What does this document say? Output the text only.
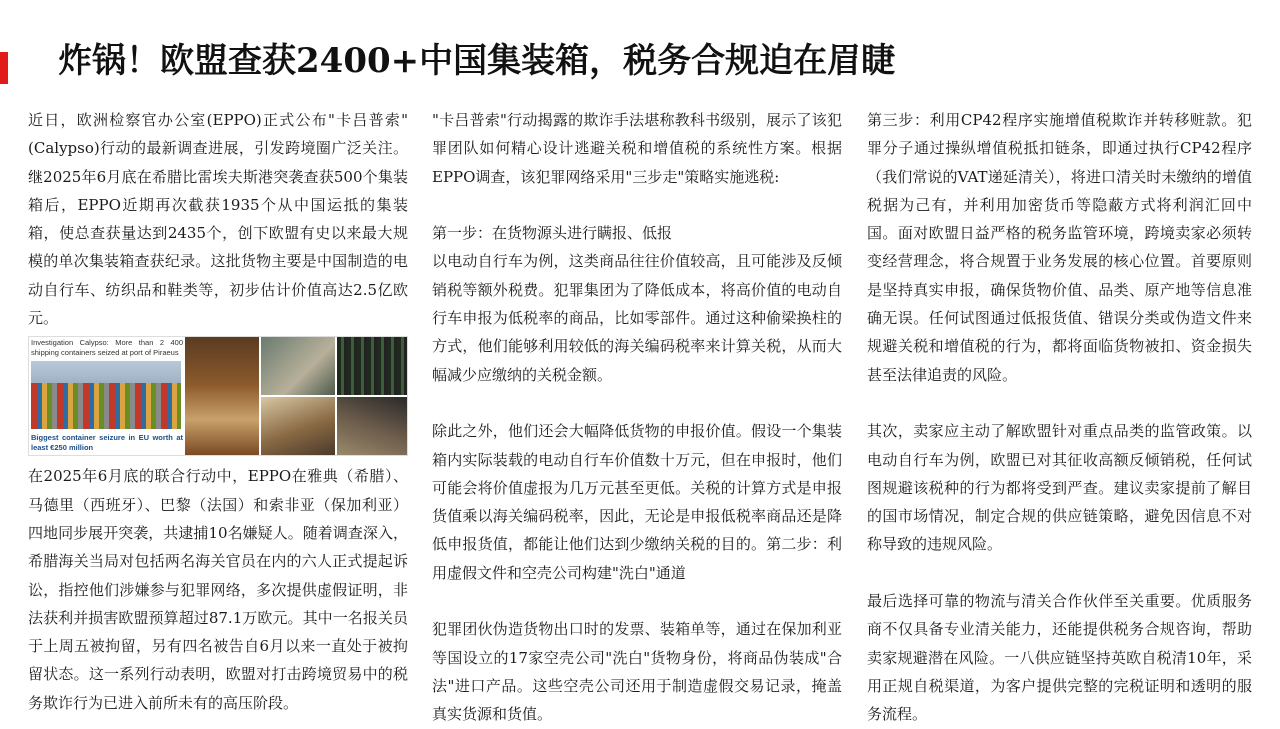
炸锅！欧盟查获2400+中国集装箱，税务合规迫在眉睫

近日，欧洲检察官办公室(EPPO)正式公布"卡吕普索"(Calypso)行动的最新调查进展，引发跨境圈广泛关注。继2025年6月底在希腊比雷埃夫斯港突袭查获500个集装箱后，EPPO近期再次截获1935个从中国运抵的集装箱，使总查获量达到2435个，创下欧盟有史以来最大规模的单次集装箱查获纪录。这批货物主要是中国制造的电动自行车、纺织品和鞋类等，初步估计价值高达2.5亿欧元。

Investigation Calypso: More than 2 400 shipping containers seized at port of Piraeus
Biggest container seizure in EU worth at least €250 million

在2025年6月底的联合行动中，EPPO在雅典（希腊）、马德里（西班牙）、巴黎（法国）和索非亚（保加利亚）四地同步展开突袭，共逮捕10名嫌疑人。随着调查深入，希腊海关当局对包括两名海关官员在内的六人正式提起诉讼，指控他们涉嫌参与犯罪网络，多次提供虚假证明，非法获利并损害欧盟预算超过87.1万欧元。其中一名报关员于上周五被拘留，另有四名被告自6月以来一直处于被拘留状态。这一系列行动表明，欧盟对打击跨境贸易中的税务欺诈行为已进入前所未有的高压阶段。

"卡吕普索"行动揭露的欺诈手法堪称教科书级别，展示了该犯罪团队如何精心设计逃避关税和增值税的系统性方案。根据EPPO调查，该犯罪网络采用"三步走"策略实施逃税:

第一步：在货物源头进行瞒报、低报

以电动自行车为例，这类商品往往价值较高，且可能涉及反倾销税等额外税费。犯罪集团为了降低成本，将高价值的电动自行车申报为低税率的商品，比如零部件。通过这种偷梁换柱的方式，他们能够利用较低的海关编码税率来计算关税，从而大幅减少应缴纳的关税金额。

除此之外，他们还会大幅降低货物的申报价值。假设一个集装箱内实际装载的电动自行车价值数十万元，但在申报时，他们可能会将价值虚报为几万元甚至更低。关税的计算方式是申报货值乘以海关编码税率，因此，无论是申报低税率商品还是降低申报货值，都能让他们达到少缴纳关税的目的。第二步：利用虚假文件和空壳公司构建"洗白"通道

犯罪团伙伪造货物出口时的发票、装箱单等，通过在保加利亚等国设立的17家空壳公司"洗白"货物身份，将商品伪装成"合法"进口产品。这些空壳公司还用于制造虚假交易记录，掩盖真实货源和货值。

第三步：利用CP42程序实施增值税欺诈并转移赃款。犯罪分子通过操纵增值税抵扣链条，即通过执行CP42程序（我们常说的VAT递延清关），将进口清关时未缴纳的增值税据为己有，并利用加密货币等隐蔽方式将利润汇回中国。面对欧盟日益严格的税务监管环境，跨境卖家必须转变经营理念，将合规置于业务发展的核心位置。首要原则是坚持真实申报，确保货物价值、品类、原产地等信息准确无误。任何试图通过低报货值、错误分类或伪造文件来规避关税和增值税的行为，都将面临货物被扣、资金损失甚至法律追责的风险。

其次，卖家应主动了解欧盟针对重点品类的监管政策。以电动自行车为例，欧盟已对其征收高额反倾销税，任何试图规避该税种的行为都将受到严查。建议卖家提前了解目的国市场情况，制定合规的供应链策略，避免因信息不对称导致的违规风险。

最后选择可靠的物流与清关合作伙伴至关重要。优质服务商不仅具备专业清关能力，还能提供税务合规咨询，帮助卖家规避潜在风险。一八供应链坚持英欧自税清10年，采用正规自税渠道，为客户提供完整的完税证明和透明的服务流程。
